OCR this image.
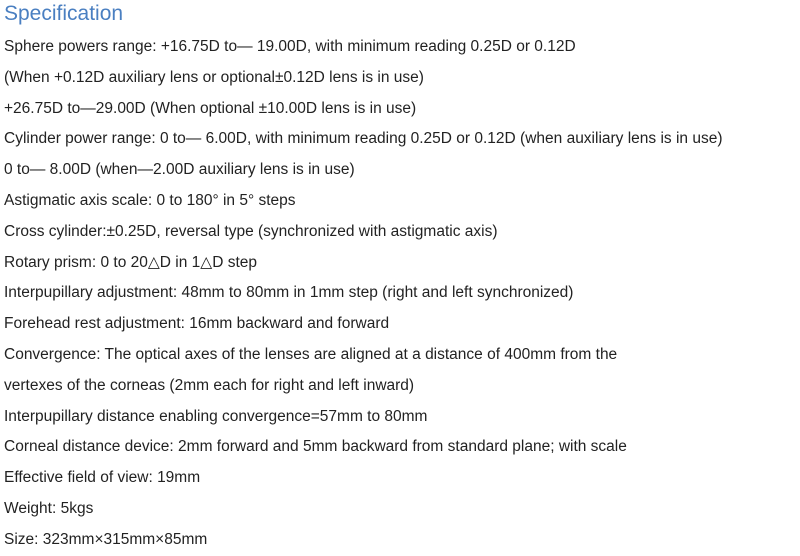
Specification
Sphere powers range: +16.75D to— 19.00D, with minimum reading 0.25D or 0.12D
(When +0.12D auxiliary lens or optional±0.12D lens is in use)
+26.75D to—29.00D (When optional ±10.00D lens is in use)
Cylinder power range: 0 to— 6.00D, with minimum reading 0.25D or 0.12D (when auxiliary lens is in use)
0 to— 8.00D (when—2.00D auxiliary lens is in use)
Astigmatic axis scale: 0 to 180° in 5° steps
Cross cylinder:±0.25D, reversal type (synchronized with astigmatic axis)
Rotary prism: 0 to 20△D in 1△D step
Interpupillary adjustment: 48mm to 80mm in 1mm step (right and left synchronized)
Forehead rest adjustment: 16mm backward and forward
Convergence: The optical axes of the lenses are aligned at a distance of 400mm from the
vertexes of the corneas (2mm each for right and left inward)
Interpupillary distance enabling convergence=57mm to 80mm
Corneal distance device: 2mm forward and 5mm backward from standard plane; with scale
Effective field of view: 19mm
Weight: 5kgs
Size: 323mm×315mm×85mm
